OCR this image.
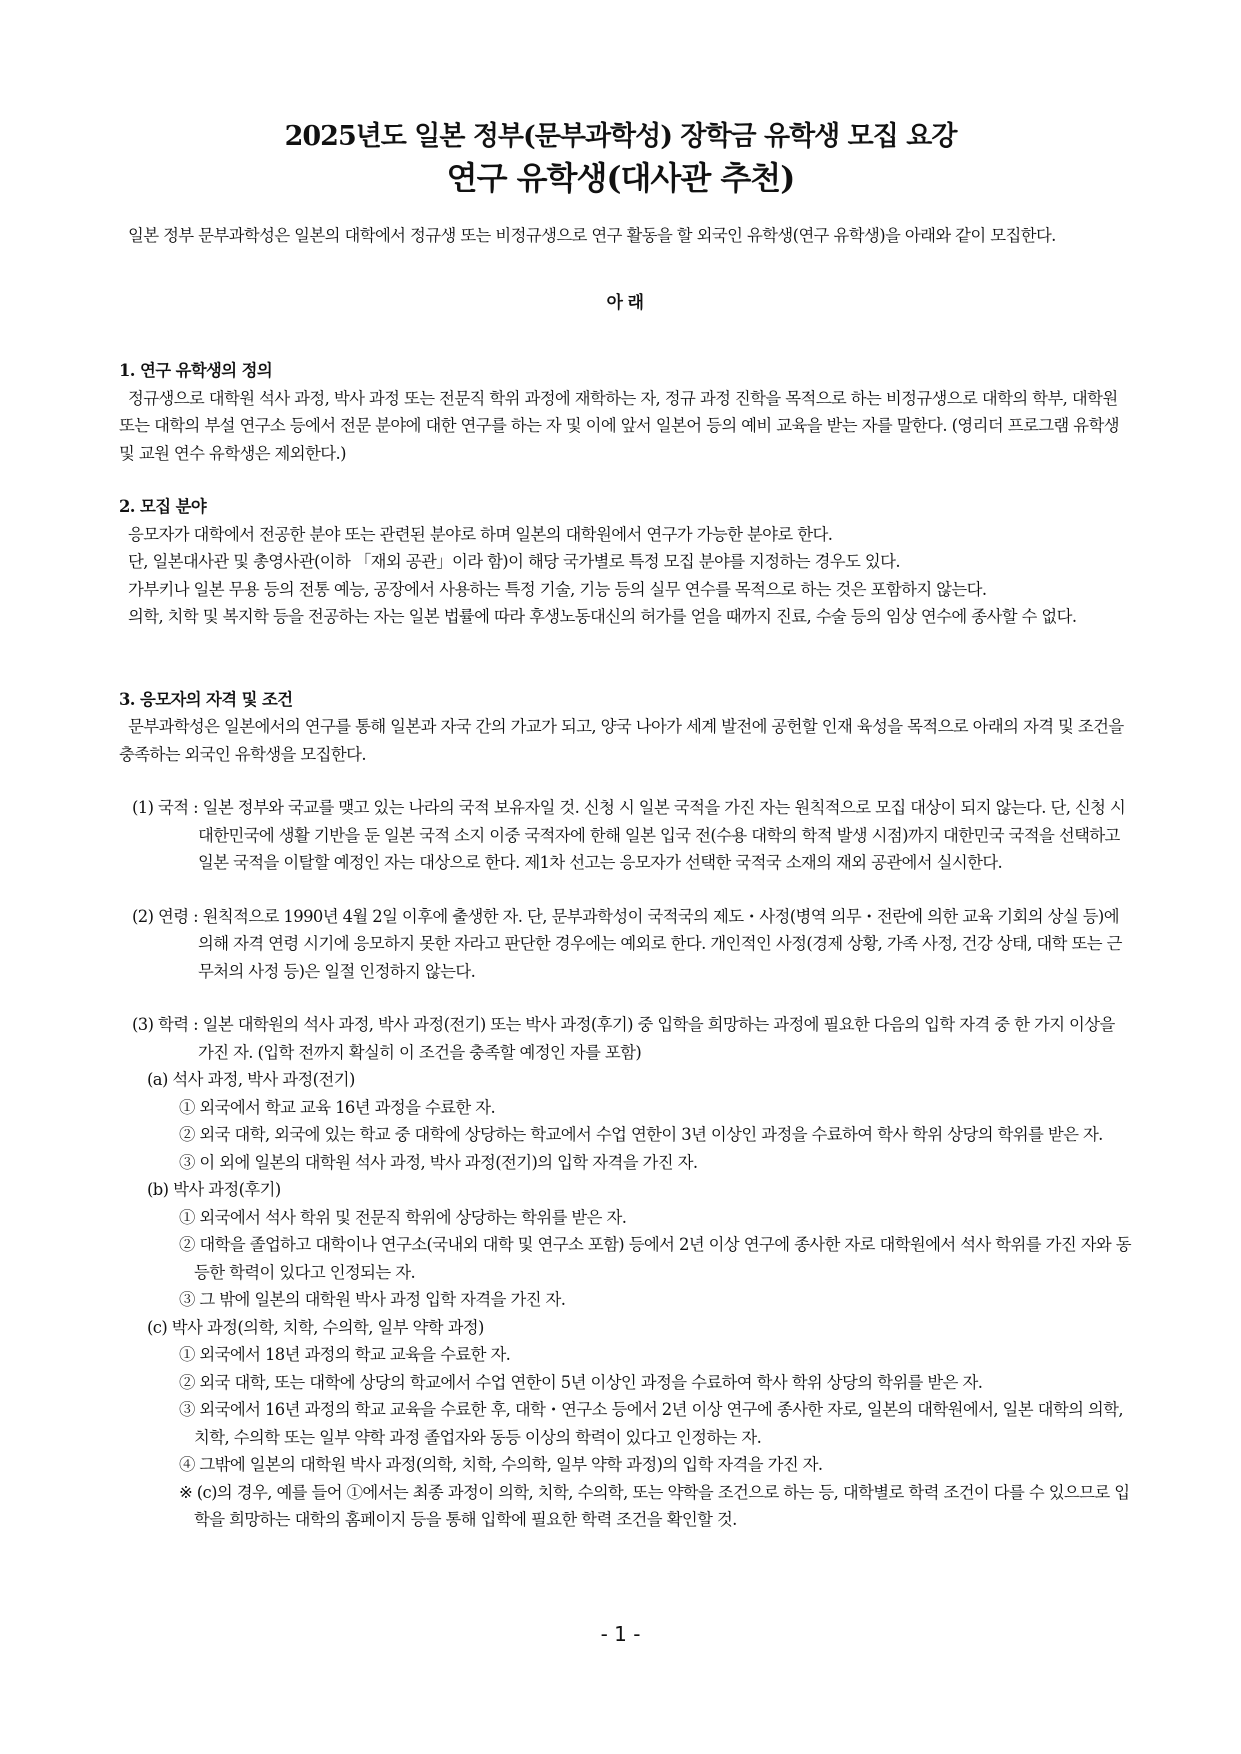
2025년도 일본 정부(문부과학성) 장학금 유학생 모집 요강
연구 유학생(대사관 추천)

일본 정부 문부과학성은 일본의 대학에서 정규생 또는 비정규생으로 연구 활동을 할 외국인 유학생(연구 유학생)을 아래와 같이 모집한다.

아 래

1. 연구 유학생의 정의

정규생으로 대학원 석사 과정, 박사 과정 또는 전문직 학위 과정에 재학하는 자, 정규 과정 진학을 목적으로 하는 비정규생으로 대학의 학부, 대학원 또는 대학의 부설 연구소 등에서 전문 분야에 대한 연구를 하는 자 및 이에 앞서 일본어 등의 예비 교육을 받는 자를 말한다. (영리더 프로그램 유학생 및 교원 연수 유학생은 제외한다.)

2. 모집 분야

응모자가 대학에서 전공한 분야 또는 관련된 분야로 하며 일본의 대학원에서 연구가 가능한 분야로 한다.

단, 일본대사관 및 총영사관(이하 「재외 공관」이라 함)이 해당 국가별로 특정 모집 분야를 지정하는 경우도 있다.

가부키나 일본 무용 등의 전통 예능, 공장에서 사용하는 특정 기술, 기능 등의 실무 연수를 목적으로 하는 것은 포함하지 않는다.

의학, 치학 및 복지학 등을 전공하는 자는 일본 법률에 따라 후생노동대신의 허가를 얻을 때까지 진료, 수술 등의 임상 연수에 종사할 수 없다.

3. 응모자의 자격 및 조건

문부과학성은 일본에서의 연구를 통해 일본과 자국 간의 가교가 되고, 양국 나아가 세계 발전에 공헌할 인재 육성을 목적으로 아래의 자격 및 조건을 충족하는 외국인 유학생을 모집한다.

(1) 국적 : 일본 정부와 국교를 맺고 있는 나라의 국적 보유자일 것. 신청 시 일본 국적을 가진 자는 원칙적으로 모집 대상이 되지 않는다. 단, 신청 시 대한민국에 생활 기반을 둔 일본 국적 소지 이중 국적자에 한해 일본 입국 전(수용 대학의 학적 발생 시점)까지 대한민국 국적을 선택하고 일본 국적을 이탈할 예정인 자는 대상으로 한다. 제1차 선고는 응모자가 선택한 국적국 소재의 재외 공관에서 실시한다.

(2) 연령 : 원칙적으로 1990년 4월 2일 이후에 출생한 자. 단, 문부과학성이 국적국의 제도・사정(병역 의무・전란에 의한 교육 기회의 상실 등)에 의해 자격 연령 시기에 응모하지 못한 자라고 판단한 경우에는 예외로 한다. 개인적인 사정(경제 상황, 가족 사정, 건강 상태, 대학 또는 근무처의 사정 등)은 일절 인정하지 않는다.

(3) 학력 : 일본 대학원의 석사 과정, 박사 과정(전기) 또는 박사 과정(후기) 중 입학을 희망하는 과정에 필요한 다음의 입학 자격 중 한 가지 이상을 가진 자. (입학 전까지 확실히 이 조건을 충족할 예정인 자를 포함)

(a) 석사 과정, 박사 과정(전기)

① 외국에서 학교 교육 16년 과정을 수료한 자.

② 외국 대학, 외국에 있는 학교 중 대학에 상당하는 학교에서 수업 연한이 3년 이상인 과정을 수료하여 학사 학위 상당의 학위를 받은 자.

③ 이 외에 일본의 대학원 석사 과정, 박사 과정(전기)의 입학 자격을 가진 자.

(b) 박사 과정(후기)

① 외국에서 석사 학위 및 전문직 학위에 상당하는 학위를 받은 자.

② 대학을 졸업하고 대학이나 연구소(국내외 대학 및 연구소 포함) 등에서 2년 이상 연구에 종사한 자로 대학원에서 석사 학위를 가진 자와 동등한 학력이 있다고 인정되는 자.

③ 그 밖에 일본의 대학원 박사 과정 입학 자격을 가진 자.

(c) 박사 과정(의학, 치학, 수의학, 일부 약학 과정)

① 외국에서 18년 과정의 학교 교육을 수료한 자.

② 외국 대학, 또는 대학에 상당의 학교에서 수업 연한이 5년 이상인 과정을 수료하여 학사 학위 상당의 학위를 받은 자.

③ 외국에서 16년 과정의 학교 교육을 수료한 후, 대학・연구소 등에서 2년 이상 연구에 종사한 자로, 일본의 대학원에서, 일본 대학의 의학, 치학, 수의학 또는 일부 약학 과정 졸업자와 동등 이상의 학력이 있다고 인정하는 자.

④ 그밖에 일본의 대학원 박사 과정(의학, 치학, 수의학, 일부 약학 과정)의 입학 자격을 가진 자.

※ (c)의 경우, 예를 들어 ①에서는 최종 과정이 의학, 치학, 수의학, 또는 약학을 조건으로 하는 등, 대학별로 학력 조건이 다를 수 있으므로 입학을 희망하는 대학의 홈페이지 등을 통해 입학에 필요한 학력 조건을 확인할 것.

- 1 -
